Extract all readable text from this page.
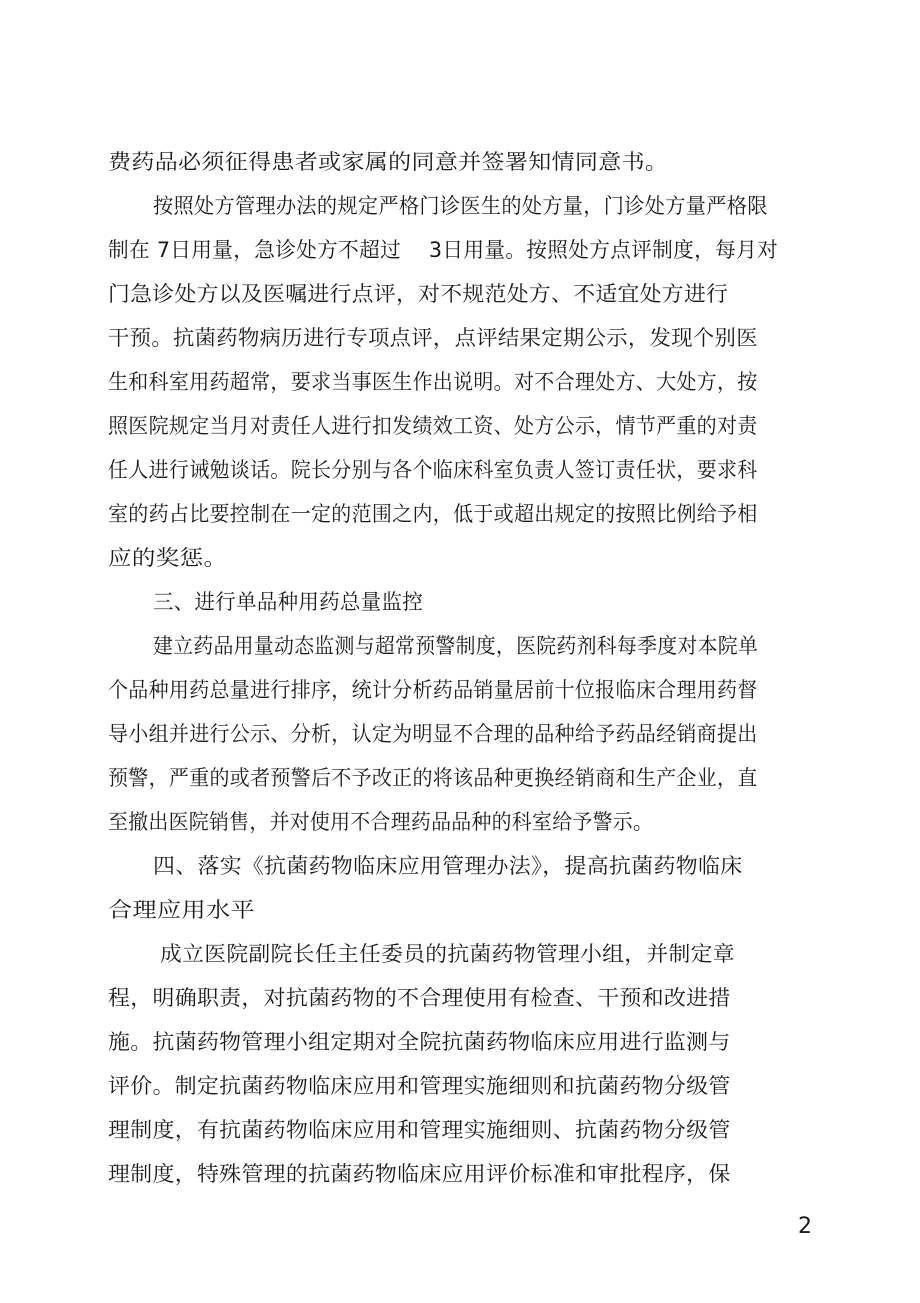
费药品必须征得患者或家属的同意并签署知情同意书。
按照处方管理办法的规定严格门诊医生的处方量，门诊处方量严格限
制在 7日用量，急诊处方不超过　 3日用量。按照处方点评制度，每月对
门急诊处方以及医嘱进行点评，对不规范处方、不适宜处方进行
干预。抗菌药物病历进行专项点评，点评结果定期公示，发现个别医
生和科室用药超常，要求当事医生作出说明。对不合理处方、大处方，按
照医院规定当月对责任人进行扣发绩效工资、处方公示，情节严重的对责
任人进行诫勉谈话。院长分别与各个临床科室负责人签订责任状，要求科
室的药占比要控制在一定的范围之内，低于或超出规定的按照比例给予相
应的奖惩。
三、进行单品种用药总量监控
建立药品用量动态监测与超常预警制度，医院药剂科每季度对本院单
个品种用药总量进行排序，统计分析药品销量居前十位报临床合理用药督
导小组并进行公示、分析，认定为明显不合理的品种给予药品经销商提出
预警，严重的或者预警后不予改正的将该品种更换经销商和生产企业，直
至撤出医院销售，并对使用不合理药品品种的科室给予警示。
四、落实《抗菌药物临床应用管理办法》，提高抗菌药物临床
合理应用水平
成立医院副院长任主任委员的抗菌药物管理小组，并制定章
程，明确职责，对抗菌药物的不合理使用有检查、干预和改进措
施。抗菌药物管理小组定期对全院抗菌药物临床应用进行监测与
评价。制定抗菌药物临床应用和管理实施细则和抗菌药物分级管
理制度，有抗菌药物临床应用和管理实施细则、抗菌药物分级管
理制度，特殊管理的抗菌药物临床应用评价标准和审批程序，保
2
